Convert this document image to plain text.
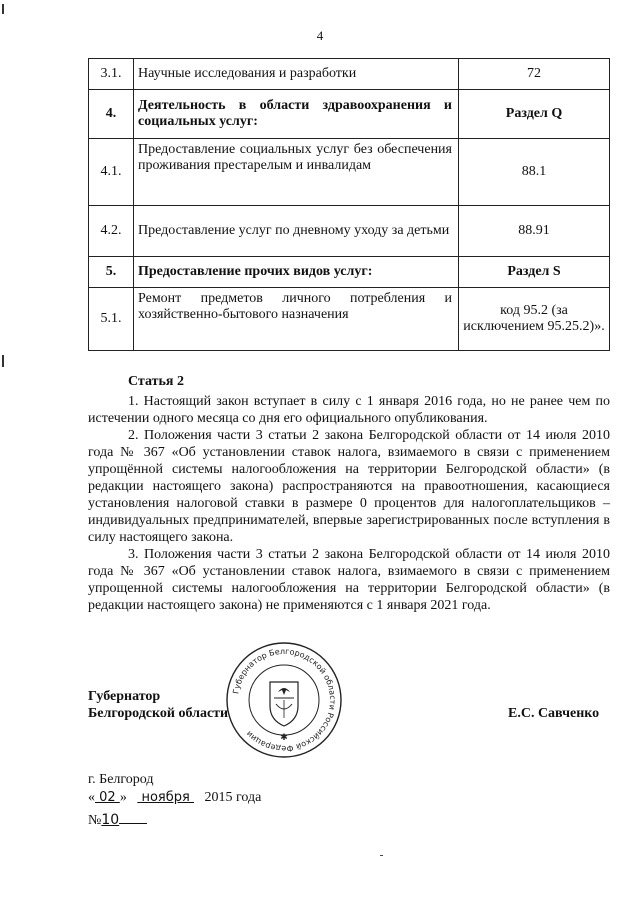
4
3.1.	Научные исследования и разработки	72
4.	Деятельность в области здравоохранения и социальных услуг:	Раздел Q
4.1.	Предоставление социальных услуг без обеспечения проживания престарелым и инвалидам	88.1
4.2.	Предоставление услуг по дневному уходу за детьми	88.91
5.	Предоставление прочих видов услуг:	Раздел S
5.1.	Ремонт предметов личного потребления и хозяйственно-бытового назначения	код 95.2 (за исключением 95.25.2)».
Статья 2

1. Настоящий закон вступает в силу с 1 января 2016 года, но не ранее чем по истечении одного месяца со дня его официального опубликования.

2. Положения части 3 статьи 2 закона Белгородской области от 14 июля 2010 года № 367 «Об установлении ставок налога, взимаемого в связи с применением упрощённой системы налогообложения на территории Белгородской области» (в редакции настоящего закона) распространяются на правоотношения, касающиеся установления налоговой ставки в размере 0 процентов для налогоплательщиков – индивидуальных предпринимателей, впервые зарегистрированных после вступления в силу настоящего закона.

3. Положения части 3 статьи 2 закона Белгородской области от 14 июля 2010 года № 367 «Об установлении ставок налога, взимаемого в связи с применением упрощенной системы налогообложения на территории Белгородской области» (в редакции настоящего закона) не применяются с 1 января 2021 года.

Губернатор
Белгородской области
Губернатор Белгородской области Российской Федерации	✱
Е.С. Савченко
г. Белгород
« 02 »    ноября    2015 года
№10
